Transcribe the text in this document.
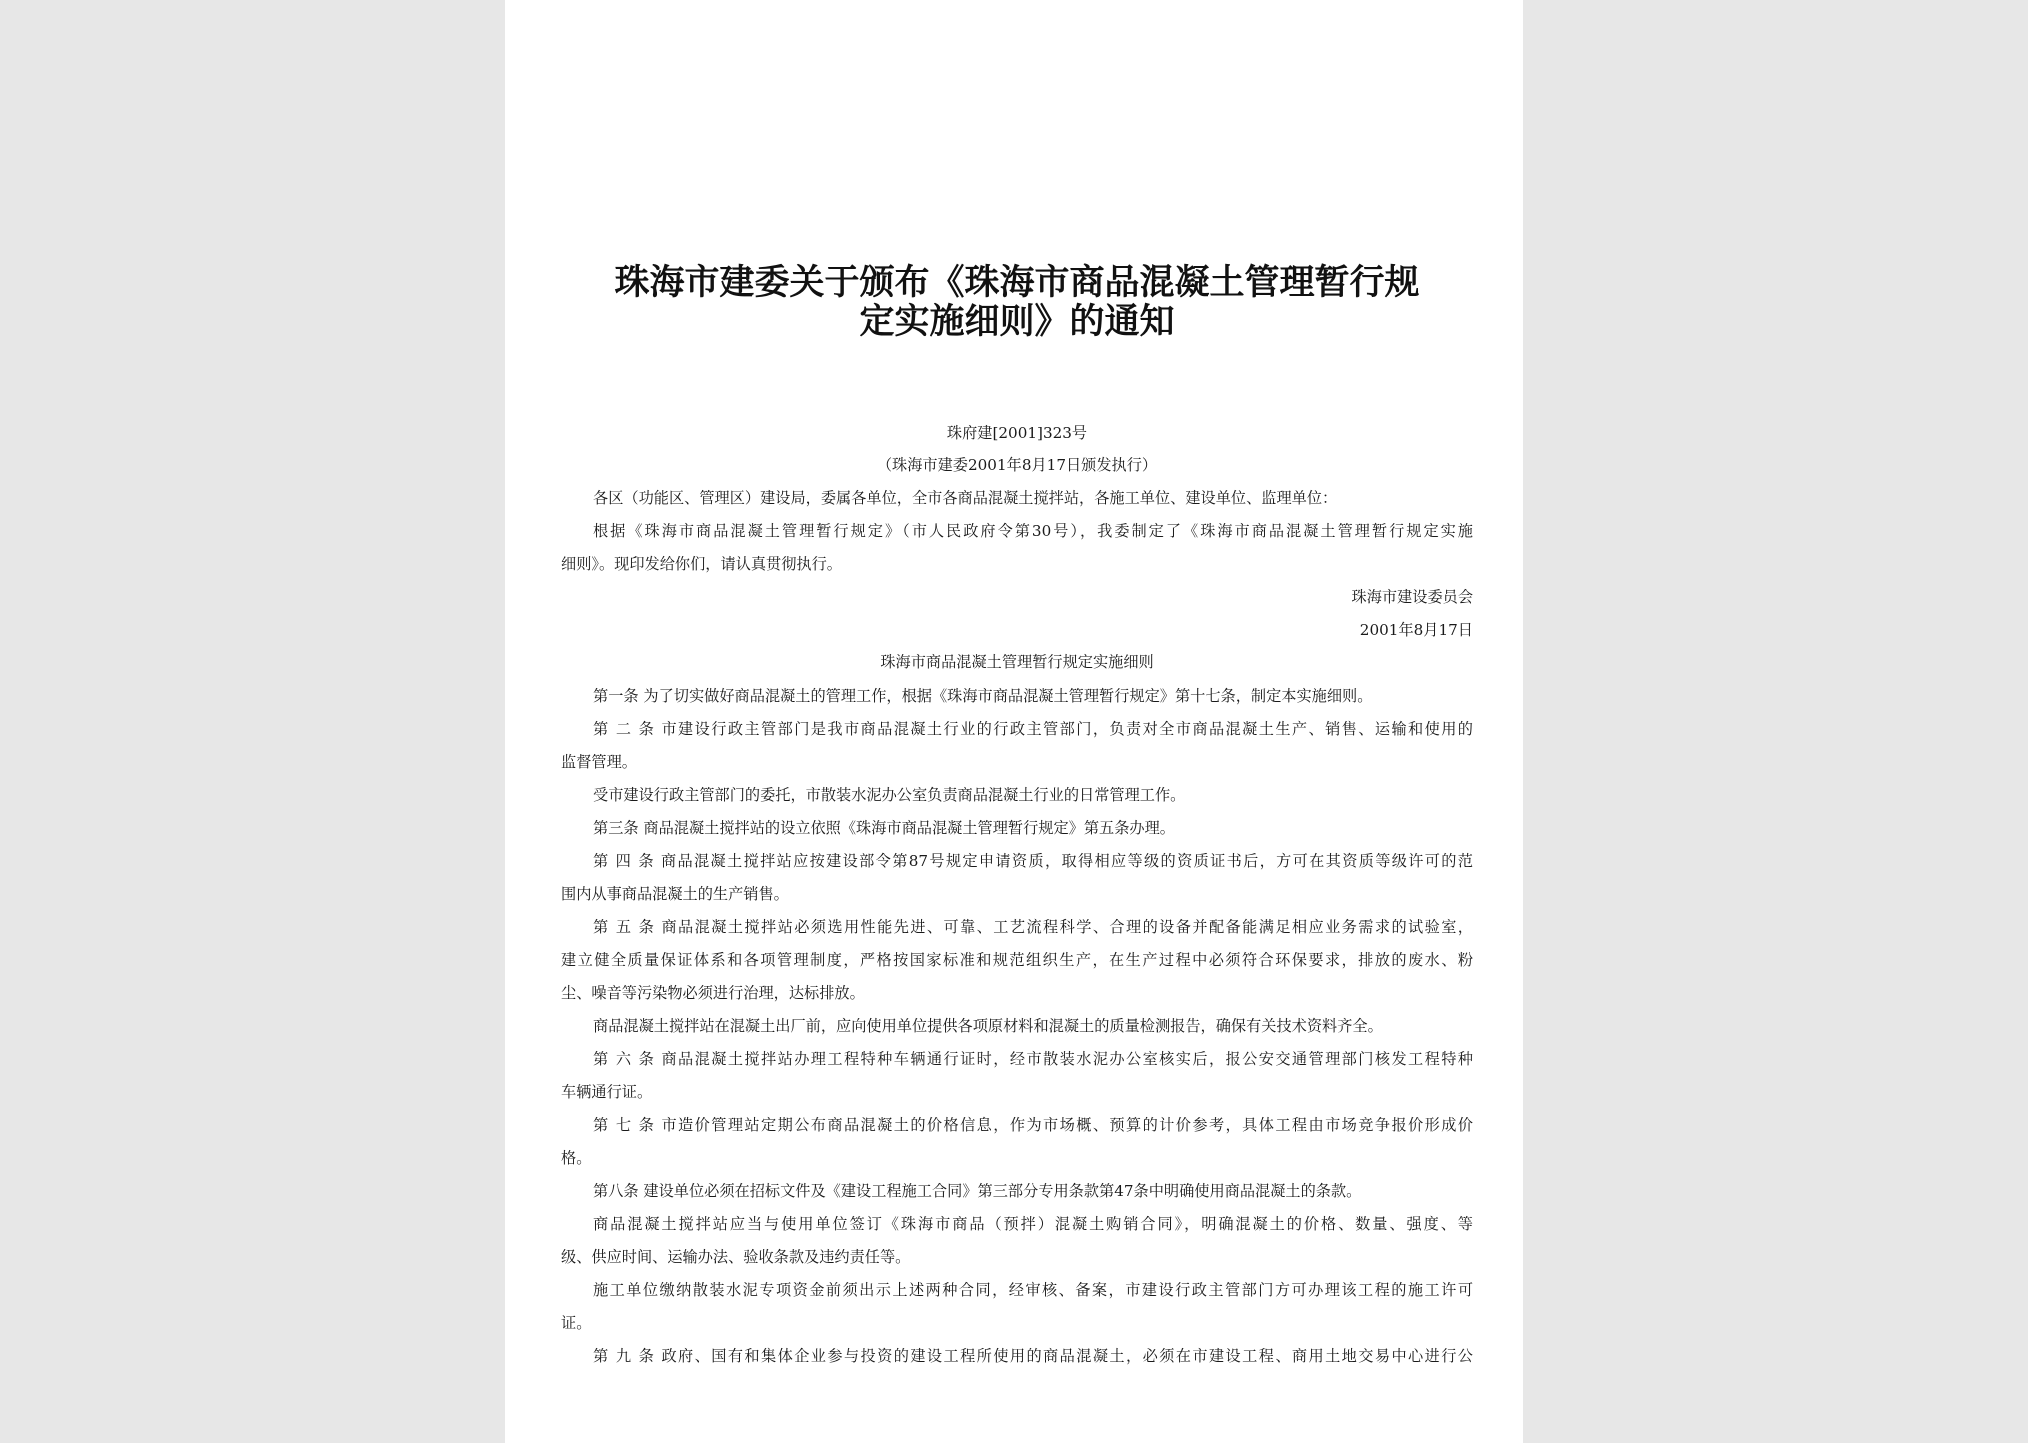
珠海市建委关于颁布《珠海市商品混凝土管理暂行规
定实施细则》的通知

珠府建[2001]323号

（珠海市建委2001年8月17日颁发执行）

各区（功能区、管理区）建设局，委属各单位，全市各商品混凝土搅拌站，各施工单位、建设单位、监理单位：

根据《珠海市商品混凝土管理暂行规定》（市人民政府令第30号），我委制定了《珠海市商品混凝土管理暂行规定实施

细则》。现印发给你们，请认真贯彻执行。

珠海市建设委员会

2001年8月17日

珠海市商品混凝土管理暂行规定实施细则

第一条 为了切实做好商品混凝土的管理工作，根据《珠海市商品混凝土管理暂行规定》第十七条，制定本实施细则。

第 二 条 市建设行政主管部门是我市商品混凝土行业的行政主管部门，负责对全市商品混凝土生产、销售、运输和使用的

监督管理。

受市建设行政主管部门的委托，市散装水泥办公室负责商品混凝土行业的日常管理工作。

第三条 商品混凝土搅拌站的设立依照《珠海市商品混凝土管理暂行规定》第五条办理。

第 四 条 商品混凝土搅拌站应按建设部令第87号规定申请资质，取得相应等级的资质证书后，方可在其资质等级许可的范

围内从事商品混凝土的生产销售。

第 五 条 商品混凝土搅拌站必须选用性能先进、可靠、工艺流程科学、合理的设备并配备能满足相应业务需求的试验室，

建立健全质量保证体系和各项管理制度，严格按国家标准和规范组织生产，在生产过程中必须符合环保要求，排放的废水、粉

尘、噪音等污染物必须进行治理，达标排放。

商品混凝土搅拌站在混凝土出厂前，应向使用单位提供各项原材料和混凝土的质量检测报告，确保有关技术资料齐全。

第 六 条 商品混凝土搅拌站办理工程特种车辆通行证时，经市散装水泥办公室核实后，报公安交通管理部门核发工程特种

车辆通行证。

第 七 条 市造价管理站定期公布商品混凝土的价格信息，作为市场概、预算的计价参考，具体工程由市场竞争报价形成价

格。

第八条 建设单位必须在招标文件及《建设工程施工合同》第三部分专用条款第47条中明确使用商品混凝土的条款。

商品混凝土搅拌站应当与使用单位签订《珠海市商品（预拌）混凝土购销合同》，明确混凝土的价格、数量、强度、等

级、供应时间、运输办法、验收条款及违约责任等。

施工单位缴纳散装水泥专项资金前须出示上述两种合同，经审核、备案，市建设行政主管部门方可办理该工程的施工许可

证。

第 九 条 政府、国有和集体企业参与投资的建设工程所使用的商品混凝土，必须在市建设工程、商用土地交易中心进行公
